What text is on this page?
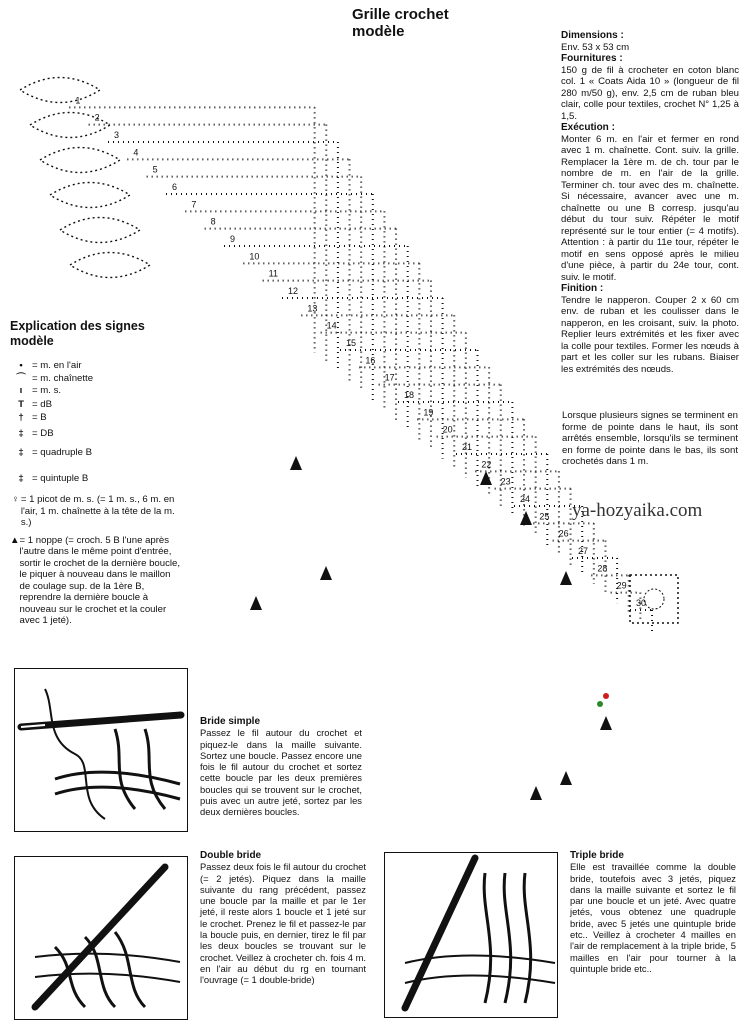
Grille crochet
modèle	Dimensions :
Env. 53 x 53 cm
Fournitures :
150 g de fil à crocheter en coton blanc col. 1 « Coats Aida 10 » (longueur de fil 280 m/50 g), env. 2,5 cm de ruban bleu clair, colle pour textiles, crochet N° 1,25 à 1,5.
Exécution :
Monter 6 m. en l'air et fermer en rond avec 1 m. chaînette. Cont. suiv. la grille. Remplacer la 1ère m. de ch. tour par le nombre de m. en l'air de la grille. Terminer ch. tour avec des m. chaînette. Si nécessaire, avancer avec une m. chaînette ou une B corresp. jusqu'au début du tour suiv. Répéter le motif représenté sur le tour entier (= 4 motifs). Attention : à partir du 11e tour, répéter le motif en sens opposé après le milieu d'une pièce, à partir du 24e tour, cont. suiv. le motif.
Finition :
Tendre le napperon. Couper 2 x 60 cm env. de ruban et les coulisser dans le napperon, en les croisant, suiv. la photo. Replier leurs extrémités et les fixer avec la colle pour textiles. Former les nœuds à part et les coller sur les rubans. Biaiser les extrémités des nœuds.
Lorsque plusieurs signes se terminent en forme de pointe dans le haut, ils sont arrêtés ensemble, lorsqu'ils se terminent en forme de pointe dans le bas, ils sont crochetés dans 1 m.
ya-hozyaika.com
30
29
28
27
26
25
24
23
22
21
20
19
18
17
16
15
14
13
12
11
10
9
8
7
6
5
4
3
2
1
Explication des signes
modèle
• = m. en l'air
⌒ = m. chaînette
ı	= m. s.
T = dB
† = B
‡ = DB
‡ = quadruple B
‡ = quintuple B
♀ = 1 picot de m. s. (= 1 m. s., 6 m. en l'air, 1 m. chaînette à la tête de la m. s.)
▲ = 1 noppe (= croch. 5 B l'une après l'autre dans le même point d'entrée, sortir le crochet de la dernière boucle, le piquer à nouveau dans le maillon de coulage sup. de la 1ère B, reprendre la dernière boucle à nouveau sur le crochet et la couler avec 1 jeté).
Bride simple
Passez le fil autour du crochet et piquez-le dans la maille suivante. Sortez une boucle. Passez encore une fois le fil autour du crochet et sortez cette boucle par les deux premières boucles qui se trouvent sur le crochet, puis avec un autre jeté, sortez par les deux dernières boucles.
Double bride
Passez deux fois le fil autour du crochet (= 2 jetés). Piquez dans la maille suivante du rang précédent, passez une boucle par la maille et par le 1er jeté, il reste alors 1 boucle et 1 jeté sur le crochet. Prenez le fil et passez-le par la boucle puis, en dernier, tirez le fil par les deux boucles se trouvant sur le crochet. Veillez à crocheter ch. fois 4 m. en l'air au début du rg en tournant l'ouvrage (= 1 double-bride)
Triple bride
Elle est travaillée comme la double bride, toutefois avec 3 jetés, piquez dans la maille suivante et sortez le fil par une boucle et un jeté. Avec quatre jetés, vous obtenez une quadruple bride, avec 5 jetés une quintuple bride etc.. Veillez à crocheter 4 mailles en l'air de remplacement à la triple bride, 5 mailles en l'air pour tourner à la quintuple bride etc..
